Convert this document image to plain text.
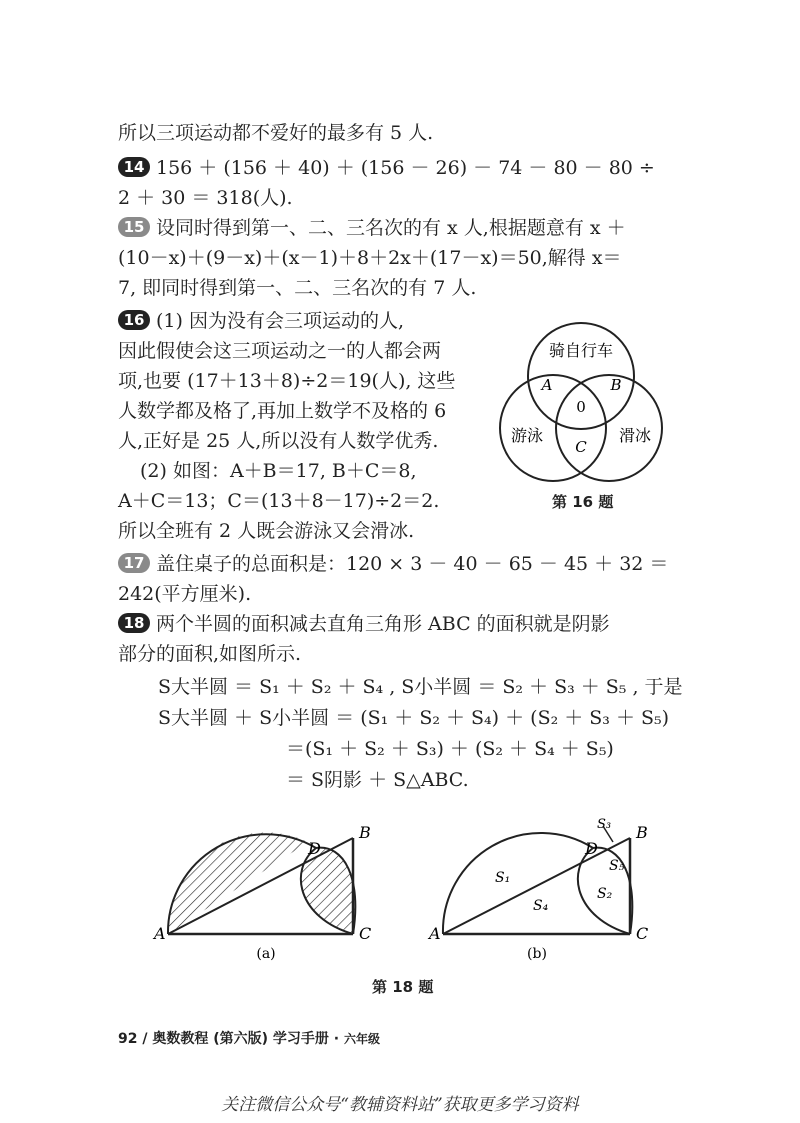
所以三项运动都不爱好的最多有 5 人.
14 156 ＋ (156 ＋ 40) ＋ (156 － 26) － 74 － 80 － 80 ÷
2 ＋ 30 ＝ 318(人).
15 设同时得到第一、二、三名次的有 x 人,根据题意有 x ＋
(10－x)＋(9－x)＋(x－1)＋8＋2x＋(17－x)＝50,解得 x＝
7, 即同时得到第一、二、三名次的有 7 人.
16 (1) 因为没有会三项运动的人,
因此假使会这三项运动之一的人都会两
项,也要 (17＋13＋8)÷2＝19(人), 这些
人数学都及格了,再加上数学不及格的 6
人,正好是 25 人,所以没有人数学优秀.
(2) 如图：A＋B＝17, B＋C＝8,
A＋C＝13；C＝(13＋8－17)÷2＝2.
所以全班有 2 人既会游泳又会滑冰.
17 盖住桌子的总面积是：120 × 3 － 40 － 65 － 45 ＋ 32 ＝
242(平方厘米).
18 两个半圆的面积减去直角三角形 ABC 的面积就是阴影
部分的面积,如图所示.
S大半圆 ＝ S₁ ＋ S₂ ＋ S₄ , S小半圆 ＝ S₂ ＋ S₃ ＋ S₅ , 于是
S大半圆 ＋ S小半圆 ＝ (S₁ ＋ S₂ ＋ S₄) ＋ (S₂ ＋ S₃ ＋ S₅)
＝(S₁ ＋ S₂ ＋ S₃) ＋ (S₂ ＋ S₄ ＋ S₅)
＝ S阴影 ＋ S△ABC.
骑自行车
A	B
0
C
游泳	滑冰
第 16 题
A
B
C
D
(a)
A
B
C
D
S₁
S₂
S₃
S₄
S₅
(b)
第 18 题
92 / 奥数教程 (第六版) 学习手册 · 六年级
关注微信公众号“教辅资料站”获取更多学习资料
